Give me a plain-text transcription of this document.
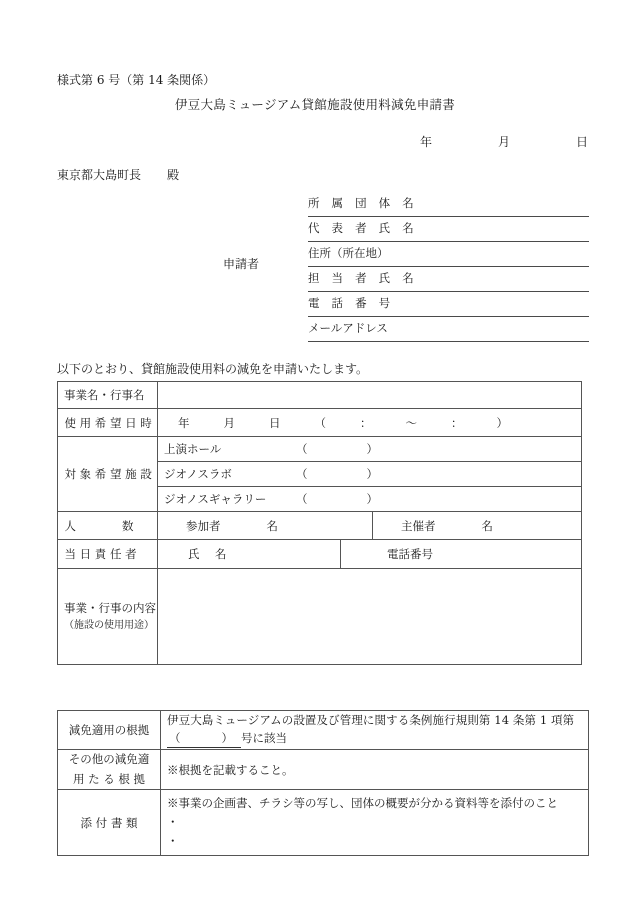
様式第 6 号（第 14 条関係）
伊豆大島ミュージアム貸館施設使用料減免申請書
年	月	日
東京都大島町長 殿
申請者
所 属 団 体 名
代 表 者 氏 名
住所（所在地）
担 当 者 氏 名
電 話 番 号
メールアドレス
以下のとおり、貸館施設使用料の減免を申請いたします。
事業名・行事名			

使 用 希 望 日 時	年	月	日	（	：	〜	：	）

対 象 希 望 施 設	上演ホール （　　）		
	ジオノスラボ （　　）		
	ジオノスギャラリー （　　）		

人　　　　数	参加者 名		主催者 名

当 日 責 任 者	氏　名	電話番号	

事業・行事の内容
（施設の使用用途）			

減免適用の根拠	伊豆大島ミュージアムの設置及び管理に関する条例施行規則第 14 条第 1 項第
（　　） 号に該当

その他の減免適
用 た る 根 拠	※根拠を記載すること。
添 付 書 類	※事業の企画書、チラシ等の写し、団体の概要が分かる資料等を添付のこと
・
・
